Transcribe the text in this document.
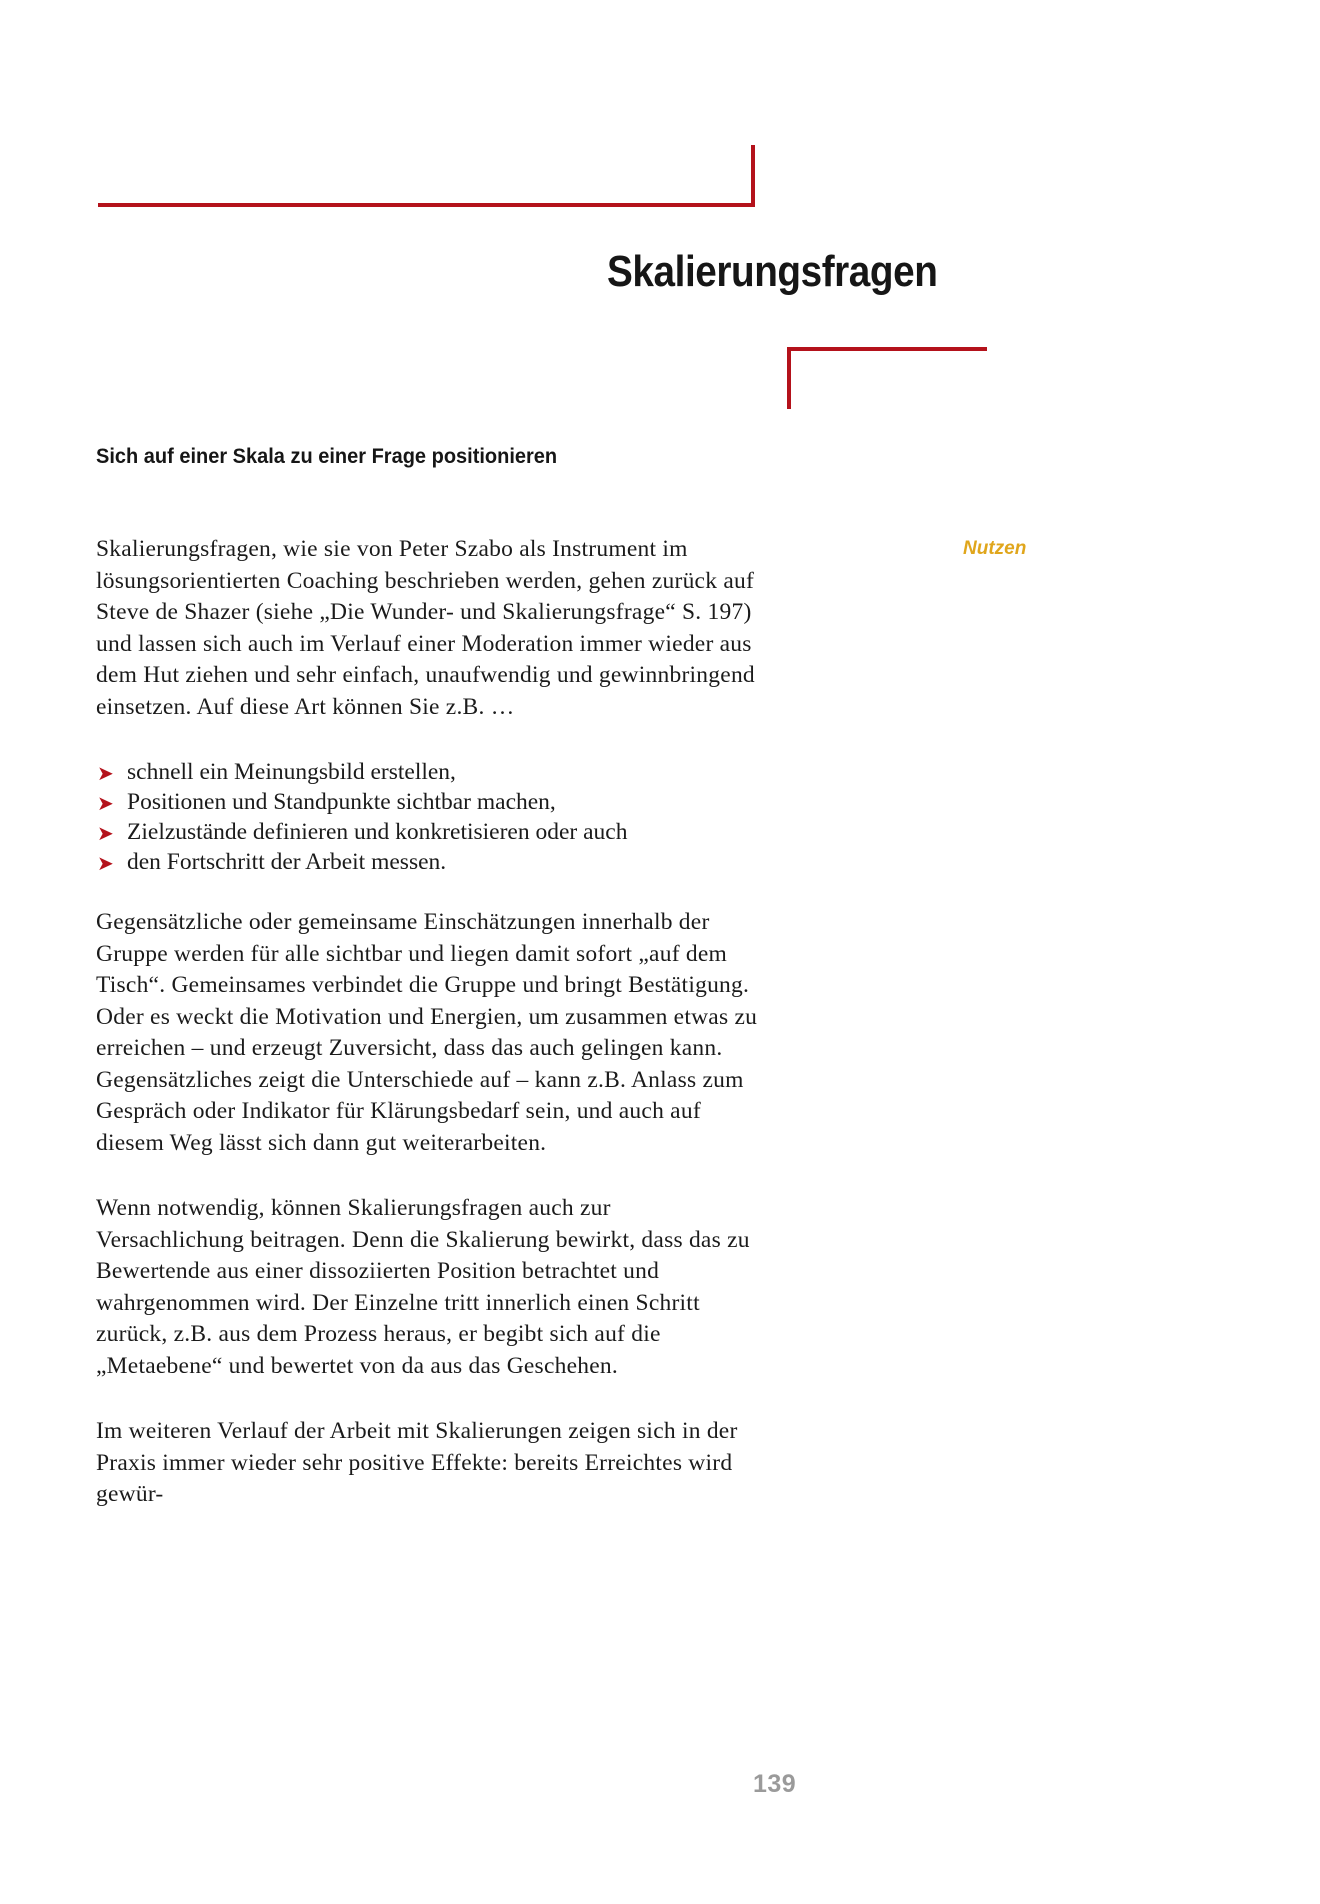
Skalierungsfragen
Sich auf einer Skala zu einer Frage positionieren
Nutzen

Skalierungsfragen, wie sie von Peter Szabo als Instrument im lösungsorientierten Coaching beschrieben werden, gehen zurück auf Steve de Shazer (siehe „Die Wunder- und Skalierungsfrage“ S. 197) und lassen sich auch im Verlauf einer Moderation immer wieder aus dem Hut ziehen und sehr einfach, unaufwendig und gewinnbringend einsetzen. Auf diese Art können Sie z.B. …

➤ schnell ein Meinungsbild erstellen,
➤ Positionen und Standpunkte sichtbar machen,
➤ Zielzustände definieren und konkretisieren oder auch
➤ den Fortschritt der Arbeit messen.

Gegensätzliche oder gemeinsame Einschätzungen innerhalb der Gruppe werden für alle sichtbar und liegen damit sofort „auf dem Tisch“. Gemeinsames verbindet die Gruppe und bringt Bestätigung. Oder es weckt die Motivation und Energien, um zusammen etwas zu erreichen – und erzeugt Zuversicht, dass das auch gelingen kann. Gegensätzliches zeigt die Unterschiede auf – kann z.B. Anlass zum Gespräch oder Indikator für Klärungsbedarf sein, und auch auf diesem Weg lässt sich dann gut weiterarbeiten.

Wenn notwendig, können Skalierungsfragen auch zur Versachlichung beitragen. Denn die Skalierung bewirkt, dass das zu Bewertende aus einer dissoziierten Position betrachtet und wahrgenommen wird. Der Einzelne tritt innerlich einen Schritt zurück, z.B. aus dem Prozess heraus, er begibt sich auf die „Metaebene“ und bewertet von da aus das Geschehen.

Im weiteren Verlauf der Arbeit mit Skalierungen zeigen sich in der Praxis immer wieder sehr positive Effekte: bereits Erreichtes wird gewür-

139
